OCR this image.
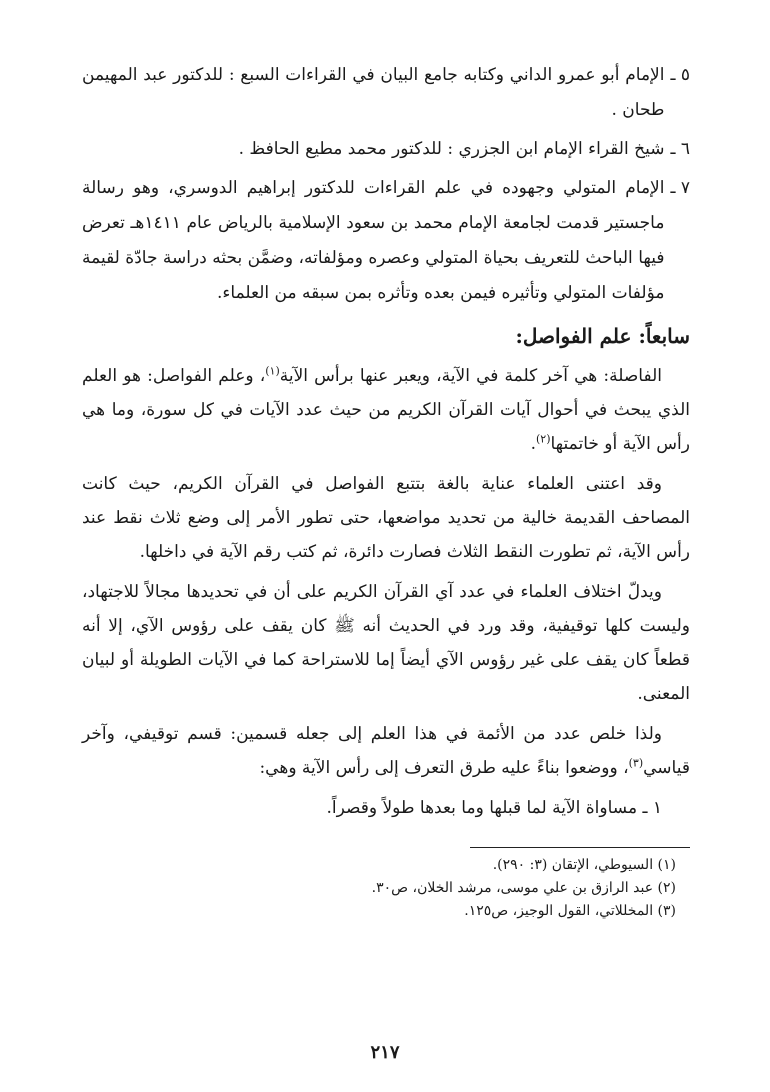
٥ ـ
الإمام أبو عمرو الداني وكتابه جامع البيان في القراءات السبع : للدكتور عبد المهيمن طحان .
٦ ـ
شيخ القراء الإمام ابن الجزري : للدكتور محمد مطيع الحافظ .
٧ ـ
الإمام المتولي وجهوده في علم القراءات للدكتور إبراهيم الدوسري، وهو رسالة ماجستير قدمت لجامعة الإمام محمد بن سعود الإسلامية بالرياض عام ١٤١١هـ تعرض فيها الباحث للتعريف بحياة المتولي وعصره ومؤلفاته، وضمَّن بحثه دراسة جادّة لقيمة مؤلفات المتولي وتأثيره فيمن بعده وتأثره بمن سبقه من العلماء.
سابعاً: علم الفواصل:

الفاصلة: هي آخر كلمة في الآية، ويعبر عنها برأس الآية$^{(١)}$، وعلم الفواصل: هو العلم الذي يبحث في أحوال آيات القرآن الكريم من حيث عدد الآيات في كل سورة، وما هي رأس الآية أو خاتمتها$^{(٢)}$.

وقد اعتنى العلماء عناية بالغة بتتبع الفواصل في القرآن الكريم، حيث كانت المصاحف القديمة خالية من تحديد مواضعها، حتى تطور الأمر إلى وضع ثلاث نقط عند رأس الآية، ثم تطورت النقط الثلاث فصارت دائرة، ثم كتب رقم الآية في داخلها.

ويدلّ اختلاف العلماء في عدد آي القرآن الكريم على أن في تحديدها مجالاً للاجتهاد، وليست كلها توقيفية، وقد ورد في الحديث أنه ﷺ كان يقف على رؤوس الآي، إلا أنه قطعاً كان يقف على غير رؤوس الآي أيضاً إما للاستراحة كما في الآيات الطويلة أو لبيان المعنى.

ولذا خلص عدد من الأئمة في هذا العلم إلى جعله قسمين: قسم توقيفي، وآخر قياسي$^{(٣)}$، ووضعوا بناءً عليه طرق التعرف إلى رأس الآية وهي:

١ ـ مساواة الآية لما قبلها وما بعدها طولاً وقصراً.

(١) السيوطي، الإتقان (٣: ٢٩٠).
(٢) عبد الرازق بن علي موسى، مرشد الخلان، ص٣٠.
(٣) المخللاتي، القول الوجيز، ص١٢٥.
٢١٧
